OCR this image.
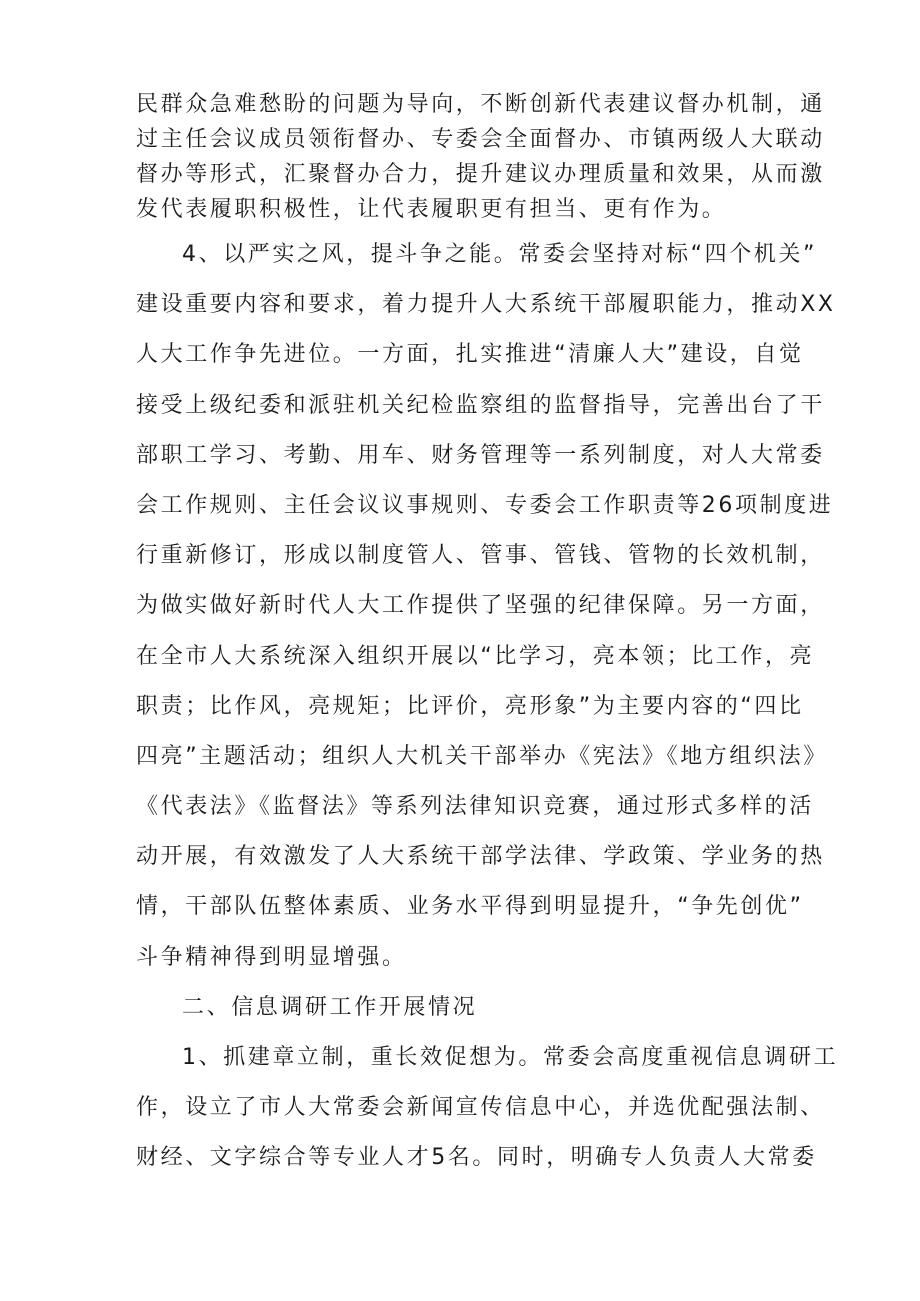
民群众急难愁盼的问题为导向，不断创新代表建议督办机制，通
过主任会议成员领衔督办、专委会全面督办、市镇两级人大联动
督办等形式，汇聚督办合力，提升建议办理质量和效果，从而激
发代表履职积极性，让代表履职更有担当、更有作为。
4、以严实之风，提斗争之能。常委会坚持对标“四个机关”
建设重要内容和要求，着力提升人大系统干部履职能力，推动XX
人大工作争先进位。一方面，扎实推进“清廉人大”建设，自觉
接受上级纪委和派驻机关纪检监察组的监督指导，完善出台了干
部职工学习、考勤、用车、财务管理等一系列制度，对人大常委
会工作规则、主任会议议事规则、专委会工作职责等26项制度进
行重新修订，形成以制度管人、管事、管钱、管物的长效机制，
为做实做好新时代人大工作提供了坚强的纪律保障。另一方面，
在全市人大系统深入组织开展以“比学习，亮本领；比工作，亮
职责；比作风，亮规矩；比评价，亮形象”为主要内容的“四比
四亮”主题活动；组织人大机关干部举办《宪法》《地方组织法》
《代表法》《监督法》等系列法律知识竞赛，通过形式多样的活
动开展，有效激发了人大系统干部学法律、学政策、学业务的热
情，干部队伍整体素质、业务水平得到明显提升，“争先创优”
斗争精神得到明显增强。
二、信息调研工作开展情况
1、抓建章立制，重长效促想为。常委会高度重视信息调研工
作，设立了市人大常委会新闻宣传信息中心，并选优配强法制、
财经、文字综合等专业人才5名。同时，明确专人负责人大常委
